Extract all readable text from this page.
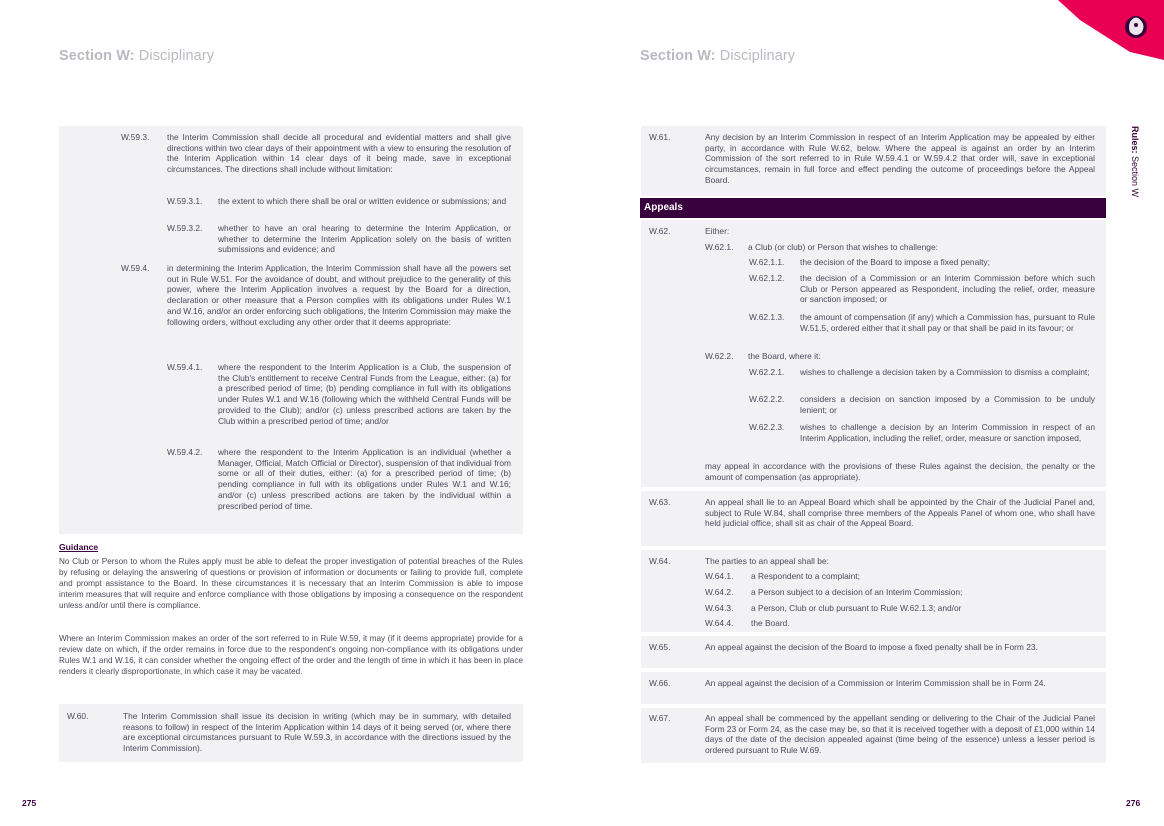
Rules: Section W
Section W: Disciplinary
W.59.3. the Interim Commission shall decide all procedural and evidential matters and shall give directions within two clear days of their appointment with a view to ensuring the resolution of the Interim Application within 14 clear days of it being made, save in exceptional circumstances. The directions shall include without limitation:
W.59.3.1. the extent to which there shall be oral or written evidence or submissions; and
W.59.3.2. whether to have an oral hearing to determine the Interim Application, or whether to determine the Interim Application solely on the basis of written submissions and evidence; and
W.59.4. in determining the Interim Application, the Interim Commission shall have all the powers set out in Rule W.51. For the avoidance of doubt, and without prejudice to the generality of this power, where the Interim Application involves a request by the Board for a direction, declaration or other measure that a Person complies with its obligations under Rules W.1 and W.16, and/or an order enforcing such obligations, the Interim Commission may make the following orders, without excluding any other order that it deems appropriate:
W.59.4.1. where the respondent to the Interim Application is a Club, the suspension of the Club's entitlement to receive Central Funds from the League, either: (a) for a prescribed period of time; (b) pending compliance in full with its obligations under Rules W.1 and W.16 (following which the withheld Central Funds will be provided to the Club); and/or (c) unless prescribed actions are taken by the Club within a prescribed period of time; and/or
W.59.4.2. where the respondent to the Interim Application is an individual (whether a Manager, Official, Match Official or Director), suspension of that individual from some or all of their duties, either: (a) for a prescribed period of time; (b) pending compliance in full with its obligations under Rules W.1 and W.16; and/or (c) unless prescribed actions are taken by the individual within a prescribed period of time.
Guidance
No Club or Person to whom the Rules apply must be able to defeat the proper investigation of potential breaches of the Rules by refusing or delaying the answering of questions or provision of information or documents or failing to provide full, complete and prompt assistance to the Board. In these circumstances it is necessary that an Interim Commission is able to impose interim measures that will require and enforce compliance with those obligations by imposing a consequence on the respondent unless and/or until there is compliance.
Where an Interim Commission makes an order of the sort referred to in Rule W.59, it may (if it deems appropriate) provide for a review date on which, if the order remains in force due to the respondent's ongoing non-compliance with its obligations under Rules W.1 and W.16, it can consider whether the ongoing effect of the order and the length of time in which it has been in place renders it clearly disproportionate, in which case it may be vacated.
W.60.	The Interim Commission shall issue its decision in writing (which may be in summary, with detailed reasons to follow) in respect of the Interim Application within 14 days of it being served (or, where there are exceptional circumstances pursuant to Rule W.59.3, in accordance with the directions issued by the Interim Commission).
275
Section W: Disciplinary
W.61.	Any decision by an Interim Commission in respect of an Interim Application may be appealed by either party, in accordance with Rule W.62, below. Where the appeal is against an order by an Interim Commission of the sort referred to in Rule W.59.4.1 or W.59.4.2 that order will, save in exceptional circumstances, remain in full force and effect pending the outcome of proceedings before the Appeal Board.
Appeals
W.62.	Either:
W.62.1. a Club (or club) or Person that wishes to challenge:
W.62.1.1. the decision of the Board to impose a fixed penalty;
W.62.1.2. the decision of a Commission or an Interim Commission before which such Club or Person appeared as Respondent, including the relief, order, measure or sanction imposed; or
W.62.1.3. the amount of compensation (if any) which a Commission has, pursuant to Rule W.51.5, ordered either that it shall pay or that shall be paid in its favour; or
W.62.2. the Board, where it:
W.62.2.1. wishes to challenge a decision taken by a Commission to dismiss a complaint;
W.62.2.2. considers a decision on sanction imposed by a Commission to be unduly lenient; or
W.62.2.3. wishes to challenge a decision by an Interim Commission in respect of an Interim Application, including the relief, order, measure or sanction imposed,
may appeal in accordance with the provisions of these Rules against the decision, the penalty or the amount of compensation (as appropriate).
W.63.	An appeal shall lie to an Appeal Board which shall be appointed by the Chair of the Judicial Panel and, subject to Rule W.84, shall comprise three members of the Appeals Panel of whom one, who shall have held judicial office, shall sit as chair of the Appeal Board.
W.64.	The parties to an appeal shall be:
W.64.1. a Respondent to a complaint;
W.64.2. a Person subject to a decision of an Interim Commission;
W.64.3. a Person, Club or club pursuant to Rule W.62.1.3; and/or
W.64.4. the Board.
W.65.	An appeal against the decision of the Board to impose a fixed penalty shall be in Form 23.
W.66.	An appeal against the decision of a Commission or Interim Commission shall be in Form 24.
W.67.	An appeal shall be commenced by the appellant sending or delivering to the Chair of the Judicial Panel Form 23 or Form 24, as the case may be, so that it is received together with a deposit of £1,000 within 14 days of the date of the decision appealed against (time being of the essence) unless a lesser period is ordered pursuant to Rule W.69.
276
